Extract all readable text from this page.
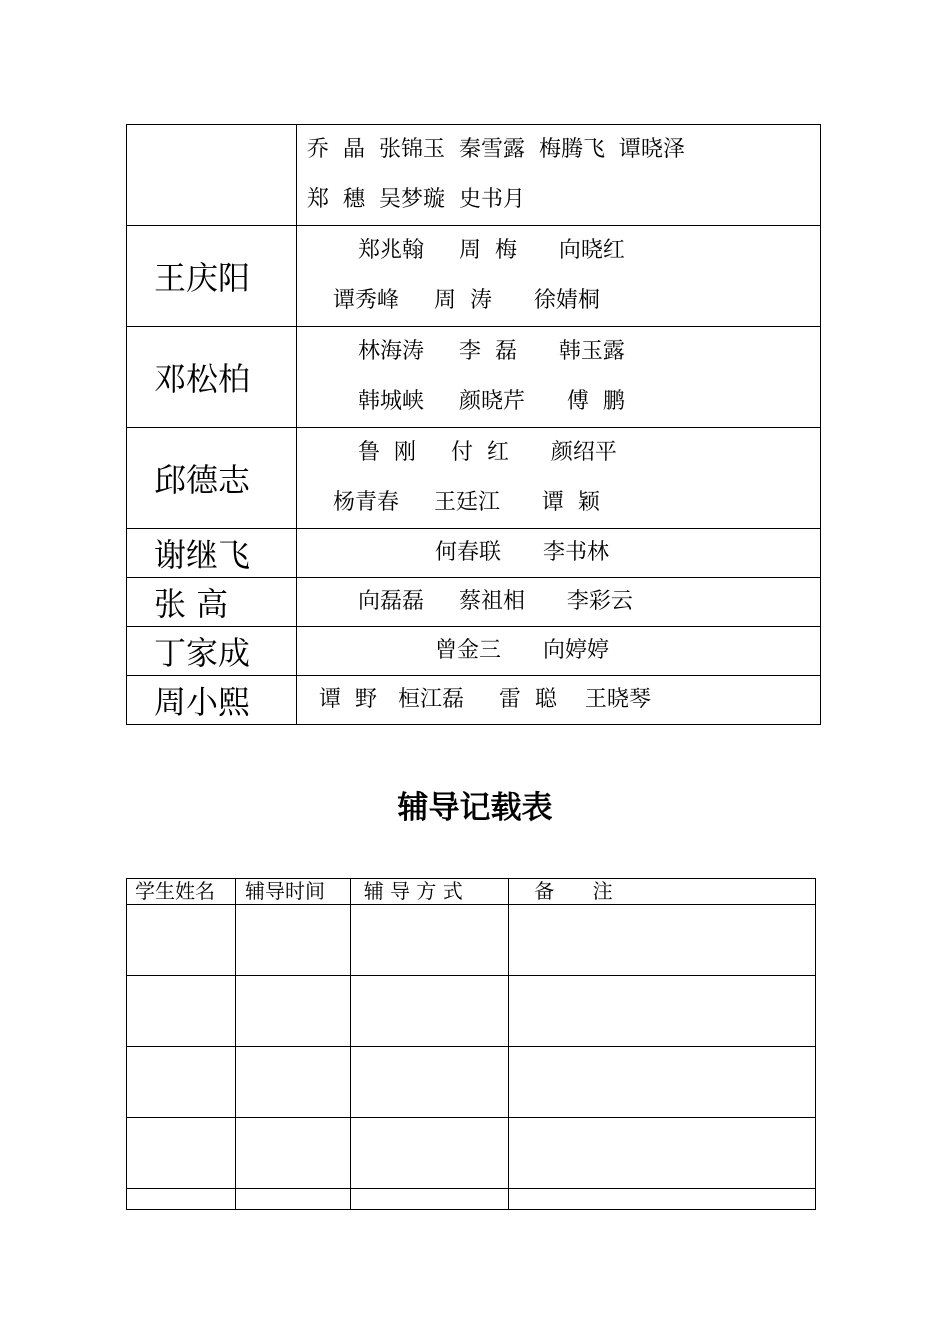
	乔  晶  张锦玉  秦雪露  梅腾飞  谭晓泽
郑  穗  吴梦璇  史书月

王庆阳	郑兆翰     周  梅      向晓红
谭秀峰     周  涛      徐婧桐

邓松柏	林海涛     李  磊      韩玉露
韩城峡     颜晓芹      傅  鹏

邱德志	鲁  刚     付  红      颜绍平
杨青春     王廷江      谭  颖

谢继飞	何春联      李书林

张 高	向磊磊     蔡祖相      李彩云

丁家成	曾金三      向婷婷

周小熙	谭  野   桓江磊     雷  聪    王晓琴
辅导记载表
学生姓名	辅导时间	辅 导 方 式	备      注
